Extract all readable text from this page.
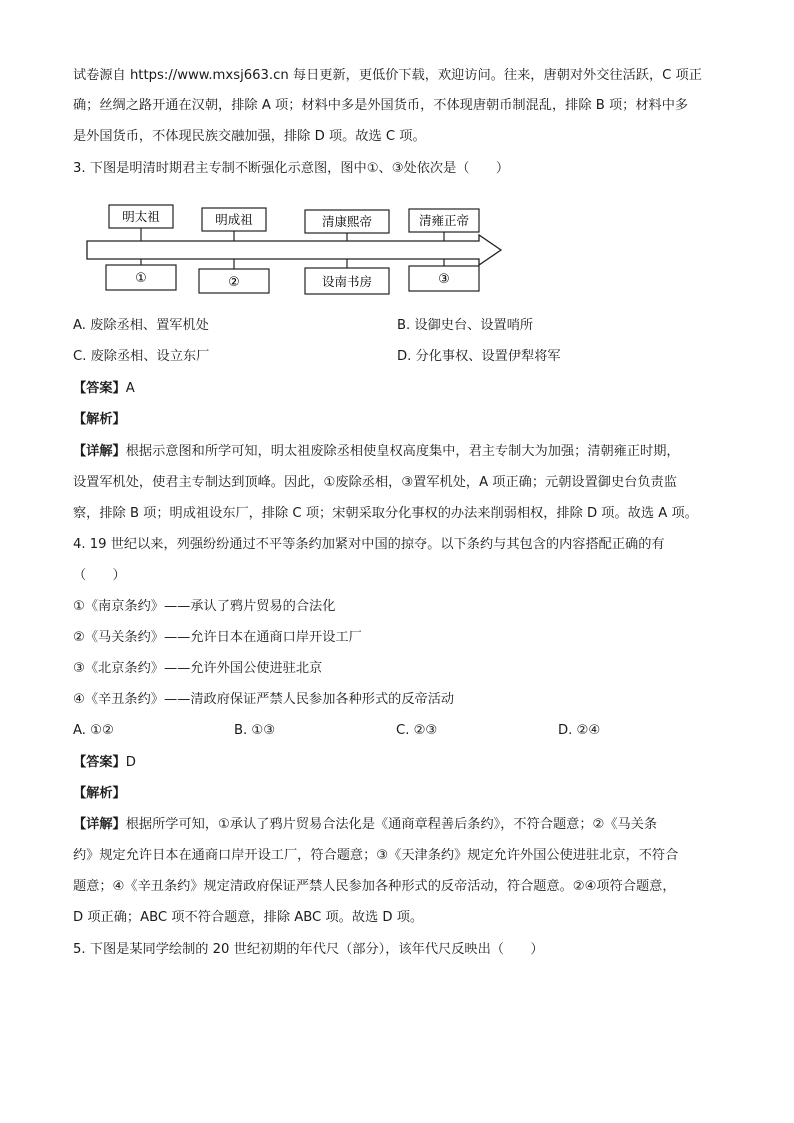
试卷源自 https://www.mxsj663.cn 每日更新，更低价下载，欢迎访问。往来，唐朝对外交往活跃，C 项正
确；丝绸之路开通在汉朝，排除 A 项；材料中多是外国货币，不体现唐朝币制混乱，排除 B 项；材料中多
是外国货币，不体现民族交融加强，排除 D 项。故选 C 项。
3. 下图是明清时期君主专制不断强化示意图，图中①、③处依次是（　　）
明太祖	明成祖	清康熙帝	清雍正帝
①	②	设南书房	③
A. 废除丞相、置军机处	B. 设御史台、设置哨所
C. 废除丞相、设立东厂	D. 分化事权、设置伊犁将军
【答案】A
【解析】
【详解】根据示意图和所学可知，明太祖废除丞相使皇权高度集中，君主专制大为加强；清朝雍正时期，
设置军机处，使君主专制达到顶峰。因此，①废除丞相，③置军机处，A 项正确；元朝设置御史台负责监
察，排除 B 项；明成祖设东厂，排除 C 项；宋朝采取分化事权的办法来削弱相权，排除 D 项。故选 A 项。
4. 19 世纪以来，列强纷纷通过不平等条约加紧对中国的掠夺。以下条约与其包含的内容搭配正确的有
（　　）
①《南京条约》——承认了鸦片贸易的合法化
②《马关条约》——允许日本在通商口岸开设工厂
③《北京条约》——允许外国公使进驻北京
④《辛丑条约》——清政府保证严禁人民参加各种形式的反帝活动
A. ①②	B. ①③	C. ②③	D. ②④
【答案】D
【解析】
【详解】根据所学可知，①承认了鸦片贸易合法化是《通商章程善后条约》，不符合题意；②《马关条
约》规定允许日本在通商口岸开设工厂，符合题意；③《天津条约》规定允许外国公使进驻北京，不符合
题意；④《辛丑条约》规定清政府保证严禁人民参加各种形式的反帝活动，符合题意。②④项符合题意，
D 项正确；ABC 项不符合题意，排除 ABC 项。故选 D 项。
5. 下图是某同学绘制的 20 世纪初期的年代尺（部分），该年代尺反映出（　　）
